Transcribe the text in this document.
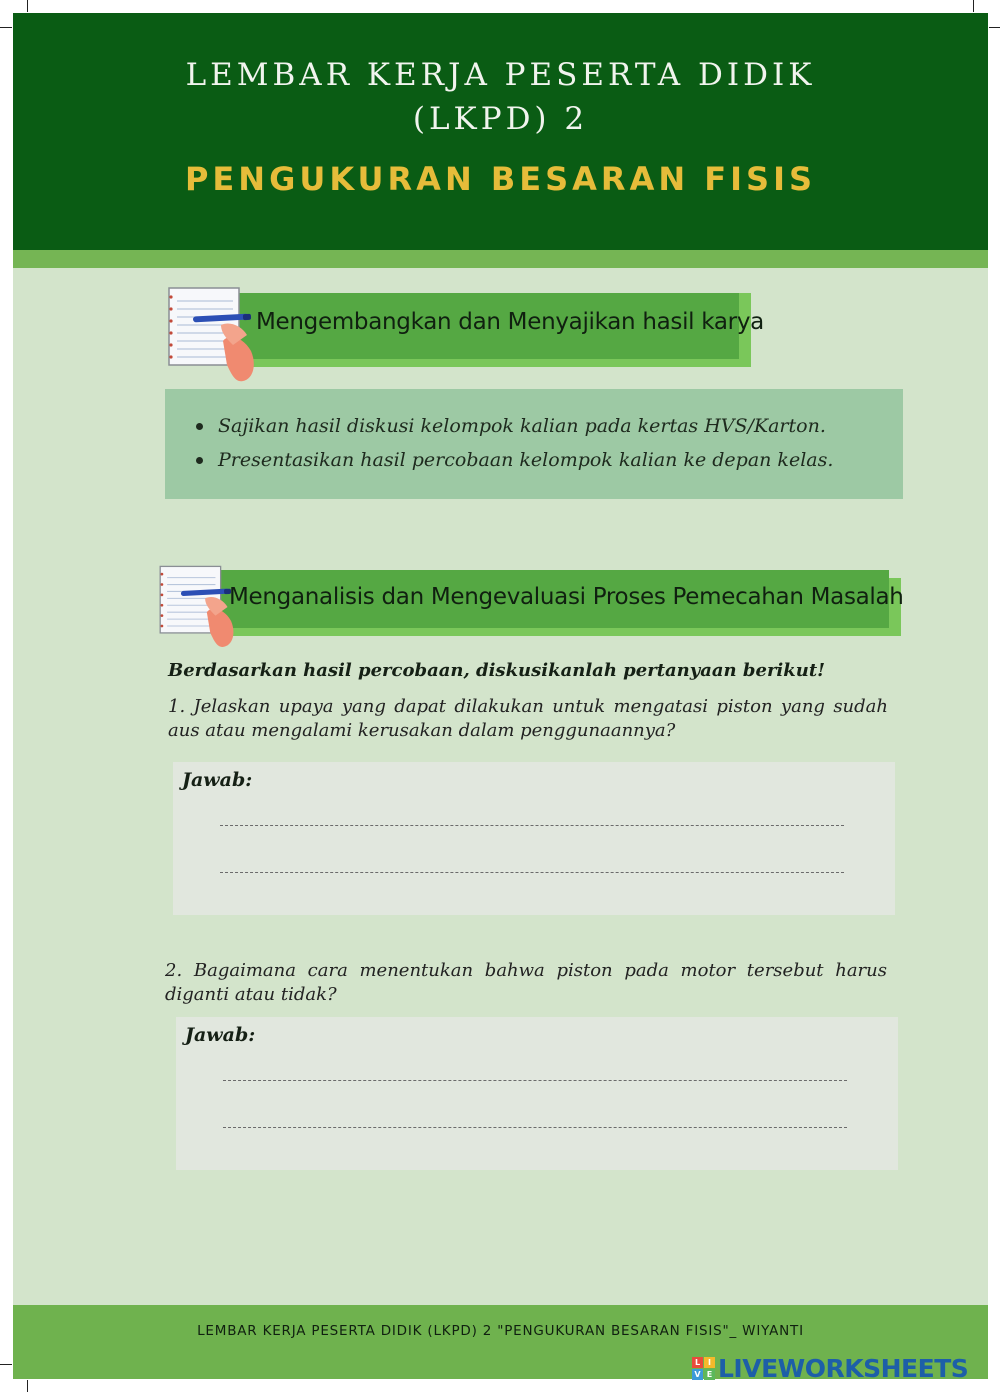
LEMBAR KERJA PESERTA DIDIK
(LKPD) 2
PENGUKURAN BESARAN FISIS
Mengembangkan dan Menyajikan hasil karya
Sajikan hasil diskusi kelompok kalian pada kertas HVS/Karton.
Presentasikan hasil percobaan kelompok kalian ke depan kelas.
Menganalisis dan Mengevaluasi Proses Pemecahan Masalah
Berdasarkan hasil percobaan, diskusikanlah pertanyaan berikut!
1. Jelaskan upaya yang dapat dilakukan untuk mengatasi piston yang sudah aus atau mengalami kerusakan dalam penggunaannya?
Jawab:
2. Bagaimana cara menentukan bahwa piston pada motor tersebut harus diganti atau tidak?
Jawab:
LEMBAR KERJA PESERTA DIDIK (LKPD) 2 "PENGUKURAN BESARAN FISIS"_ WIYANTI
L I
V E LIVEWORKSHEETS
